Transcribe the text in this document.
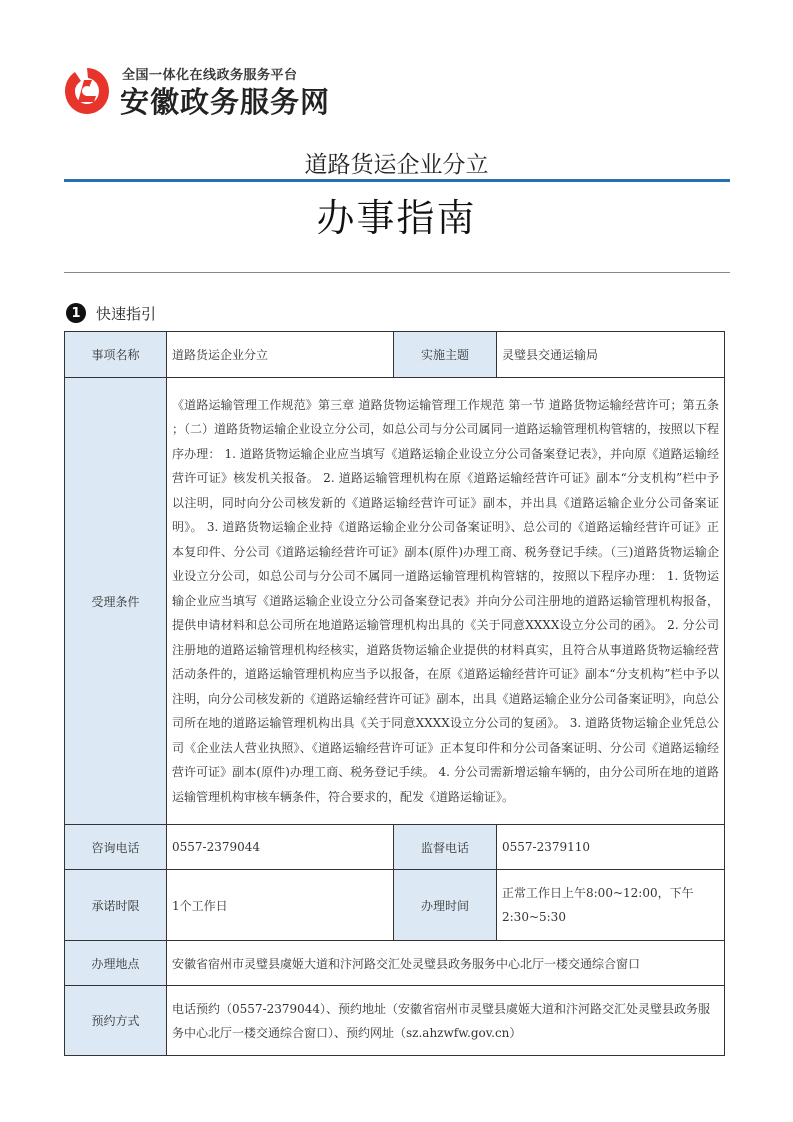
全国一体化在线政务服务平台
安徽政务服务网
道路货运企业分立
办事指南
1	快速指引
事项名称	道路货运企业分立	实施主题	灵璧县交通运输局
受理条件	《道路运输管理工作规范》第三章 道路货物运输管理工作规范 第一节 道路货物运输经营许可；第五条 ；（二）道路货物运输企业设立分公司，如总公司与分公司属同一道路运输管理机构管辖的，按照以下程序办理： 1. 道路货物运输企业应当填写《道路运输企业设立分公司备案登记表》，并向原《道路运输经营许可证》核发机关报备。 2. 道路运输管理机构在原《道路运输经营许可证》副本“分支机构”栏中予以注明，同时向分公司核发新的《道路运输经营许可证》副本，并出具《道路运输企业分公司备案证明》。 3. 道路货物运输企业持《道路运输企业分公司备案证明》、总公司的《道路运输经营许可证》正本复印件、分公司《道路运输经营许可证》副本(原件)办理工商、税务登记手续。（三)道路货物运输企业设立分公司，如总公司与分公司不属同一道路运输管理机构管辖的，按照以下程序办理： 1. 货物运输企业应当填写《道路运输企业设立分公司备案登记表》并向分公司注册地的道路运输管理机构报备，提供申请材料和总公司所在地道路运输管理机构出具的《关于同意XXXX设立分公司的函》。 2. 分公司注册地的道路运输管理机构经核实，道路货物运输企业提供的材料真实，且符合从事道路货物运输经营活动条件的，道路运输管理机构应当予以报备，在原《道路运输经营许可证》副本“分支机构”栏中予以注明，向分公司核发新的《道路运输经营许可证》副本，出具《道路运输企业分公司备案证明》，向总公司所在地的道路运输管理机构出具《关于同意XXXX设立分公司的复函》。 3. 道路货物运输企业凭总公司《企业法人营业执照》、《道路运输经营许可证》正本复印件和分公司备案证明、分公司《道路运输经营许可证》副本(原件)办理工商、税务登记手续。 4. 分公司需新增运输车辆的，由分公司所在地的道路运输管理机构审核车辆条件，符合要求的，配发《道路运输证》。		
咨询电话	0557-2379044	监督电话	0557-2379110
承诺时限	1个工作日	办理时间	正常工作日上午8:00~12:00，下午2:30~5:30
办理地点	安徽省宿州市灵璧县虞姬大道和汴河路交汇处灵璧县政务服务中心北厅一楼交通综合窗口		
预约方式	电话预约（0557-2379044）、预约地址（安徽省宿州市灵璧县虞姬大道和汴河路交汇处灵璧县政务服务中心北厅一楼交通综合窗口）、预约网址（sz.ahzwfw.gov.cn）		
